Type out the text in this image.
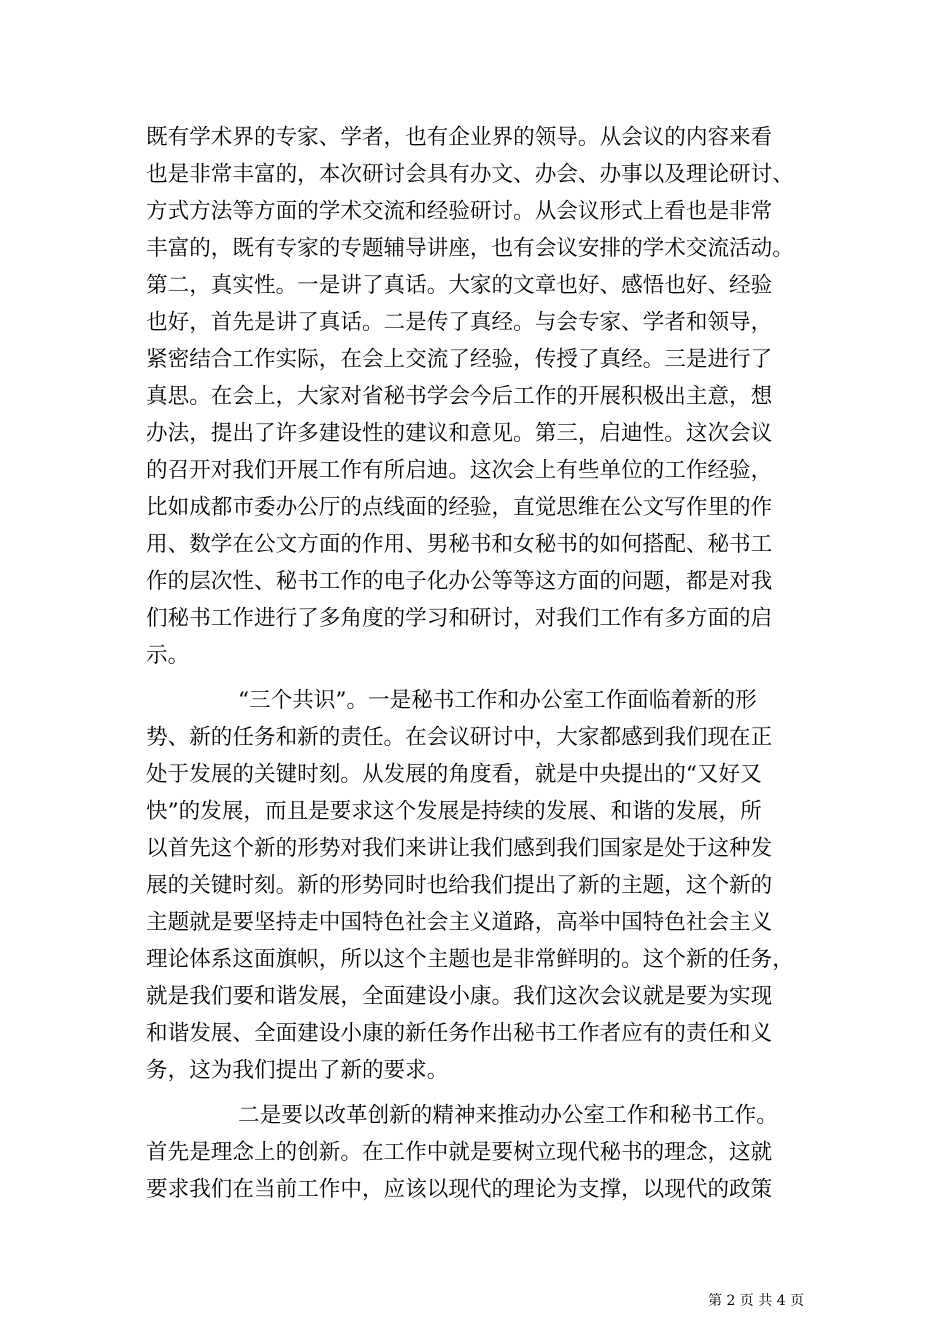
既有学术界的专家、学者，也有企业界的领导。从会议的内容来看
也是非常丰富的，本次研讨会具有办文、办会、办事以及理论研讨、
方式方法等方面的学术交流和经验研讨。从会议形式上看也是非常
丰富的，既有专家的专题辅导讲座，也有会议安排的学术交流活动。
第二，真实性。一是讲了真话。大家的文章也好、感悟也好、经验
也好，首先是讲了真话。二是传了真经。与会专家、学者和领导，
紧密结合工作实际，在会上交流了经验，传授了真经。三是进行了
真思。在会上，大家对省秘书学会今后工作的开展积极出主意，想
办法，提出了许多建设性的建议和意见。第三，启迪性。这次会议
的召开对我们开展工作有所启迪。这次会上有些单位的工作经验，
比如成都市委办公厅的点线面的经验，直觉思维在公文写作里的作
用、数学在公文方面的作用、男秘书和女秘书的如何搭配、秘书工
作的层次性、秘书工作的电子化办公等等这方面的问题，都是对我
们秘书工作进行了多角度的学习和研讨，对我们工作有多方面的启
示。
“三个共识”。一是秘书工作和办公室工作面临着新的形
势、新的任务和新的责任。在会议研讨中，大家都感到我们现在正
处于发展的关键时刻。从发展的角度看，就是中央提出的“又好又
快”的发展，而且是要求这个发展是持续的发展、和谐的发展，所
以首先这个新的形势对我们来讲让我们感到我们国家是处于这种发
展的关键时刻。新的形势同时也给我们提出了新的主题，这个新的
主题就是要坚持走中国特色社会主义道路，高举中国特色社会主义
理论体系这面旗帜，所以这个主题也是非常鲜明的。这个新的任务，
就是我们要和谐发展，全面建设小康。我们这次会议就是要为实现
和谐发展、全面建设小康的新任务作出秘书工作者应有的责任和义
务，这为我们提出了新的要求。
二是要以改革创新的精神来推动办公室工作和秘书工作。
首先是理念上的创新。在工作中就是要树立现代秘书的理念，这就
要求我们在当前工作中，应该以现代的理论为支撑，以现代的政策
第 2 页 共 4 页
